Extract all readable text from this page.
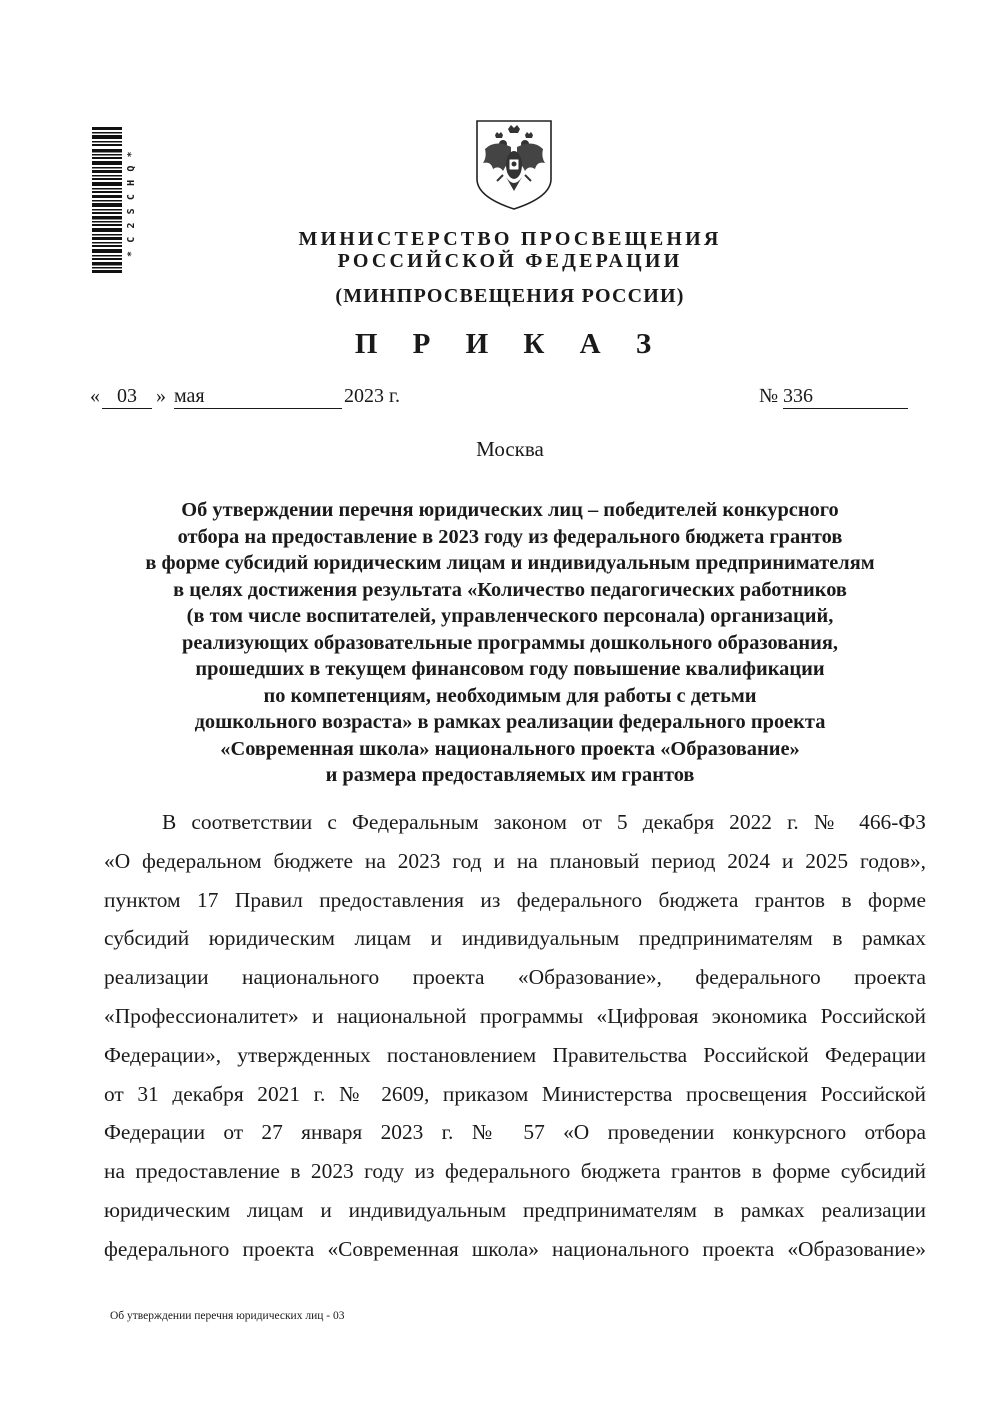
*C2SCHQ*	МИНИСТЕРСТВО ПРОСВЕЩЕНИЯ
РОССИЙСКОЙ ФЕДЕРАЦИИ
(МИНПРОСВЕЩЕНИЯ РОССИИ)
П Р И К А З
« 03 » мая	2023 г.	№ 336
Москва
Об утверждении перечня юридических лиц – победителей конкурсного
отбора на предоставление в 2023 году из федерального бюджета грантов
в форме субсидий юридическим лицам и индивидуальным предпринимателям
в целях достижения результата «Количество педагогических работников
(в том числе воспитателей, управленческого персонала) организаций,
реализующих образовательные программы дошкольного образования,
прошедших в текущем финансовом году повышение квалификации
по компетенциям, необходимым для работы с детьми
дошкольного возраста» в рамках реализации федерального проекта
«Современная школа» национального проекта «Образование»
и размера предоставляемых им грантов
В соответствии с Федеральным законом от 5 декабря 2022 г. № 466-ФЗ
«О федеральном бюджете на 2023 год и на плановый период 2024 и 2025 годов»,
пунктом 17 Правил предоставления из федерального бюджета грантов в форме
субсидий юридическим лицам и индивидуальным предпринимателям в рамках
реализации национального проекта «Образование», федерального проекта
«Профессионалитет» и национальной программы «Цифровая экономика Российской
Федерации», утвержденных постановлением Правительства Российской Федерации
от 31 декабря 2021 г. № 2609, приказом Министерства просвещения Российской
Федерации от 27 января 2023 г. № 57 «О проведении конкурсного отбора
на предоставление в 2023 году из федерального бюджета грантов в форме субсидий
юридическим лицам и индивидуальным предпринимателям в рамках реализации
федерального проекта «Современная школа» национального проекта «Образование»
Об утверждении перечня юридических лиц - 03
